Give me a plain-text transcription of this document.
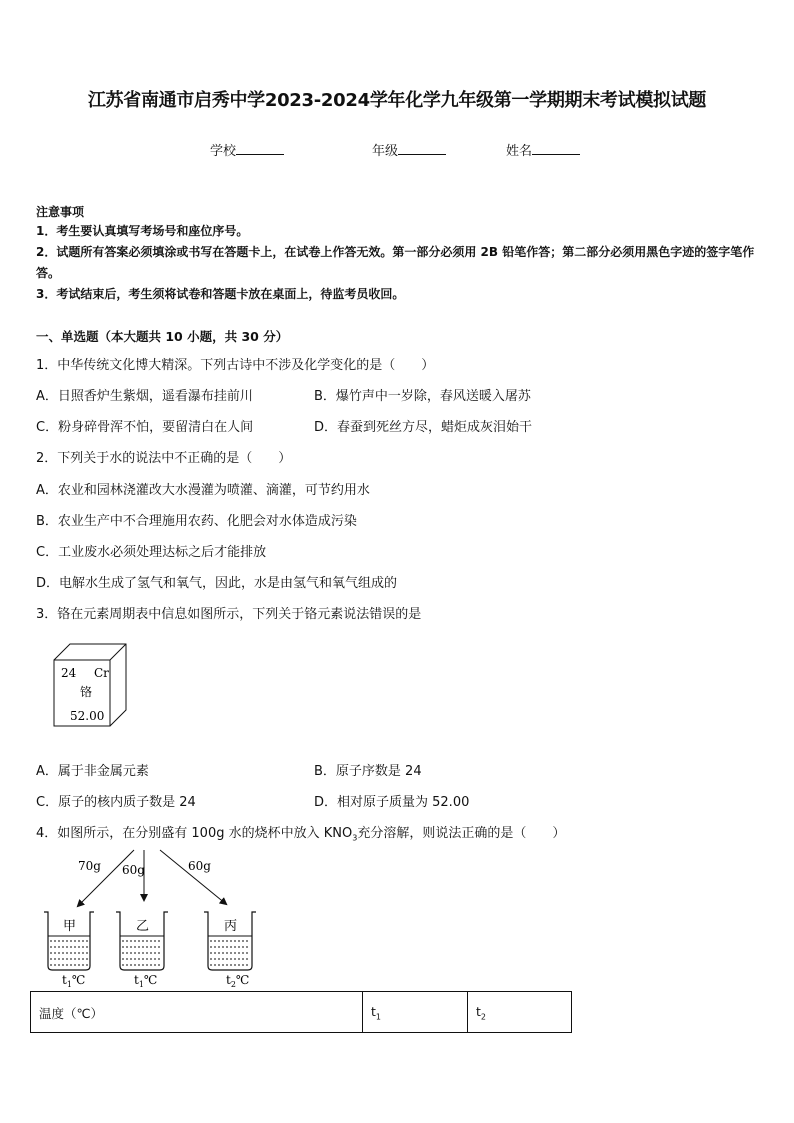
江苏省南通市启秀中学2023-2024学年化学九年级第一学期期末考试模拟试题
学校	年级	姓名
注意事项
1．考生要认真填写考场号和座位序号。
2．试题所有答案必须填涂或书写在答题卡上，在试卷上作答无效。第一部分必须用 2B 铅笔作答；第二部分必须用黑色字迹的签字笔作答。
3．考试结束后，考生须将试卷和答题卡放在桌面上，待监考员收回。
一、单选题（本大题共 10 小题，共 30 分）
1．中华传统文化博大精深。下列古诗中不涉及化学变化的是（　　）
A．日照香炉生紫烟，遥看瀑布挂前川	B．爆竹声中一岁除，春风送暖入屠苏
C．粉身碎骨浑不怕，要留清白在人间	D．春蚕到死丝方尽，蜡炬成灰泪始干
2．下列关于水的说法中不正确的是（　　）
A．农业和园林浇灌改大水漫灌为喷灌、滴灌，可节约用水
B．农业生产中不合理施用农药、化肥会对水体造成污染
C．工业废水必须处理达标之后才能排放
D．电解水生成了氢气和氧气，因此，水是由氢气和氧气组成的
3．铬在元素周期表中信息如图所示，下列关于铬元素说法错误的是
24 Cr
铬
52.00
A．属于非金属元素	B．原子序数是 24
C．原子的核内质子数是 24	D．相对原子质量为 52.00
4．如图所示，在分别盛有 100g 水的烧杯中放入 $KNO_3$充分溶解，则说法正确的是（　　）
70g 60g	60g
甲	乙	丙
$t_1℃$	$t_1℃$	$t_2℃$
温度（℃）	$t_1$	$t_2$
